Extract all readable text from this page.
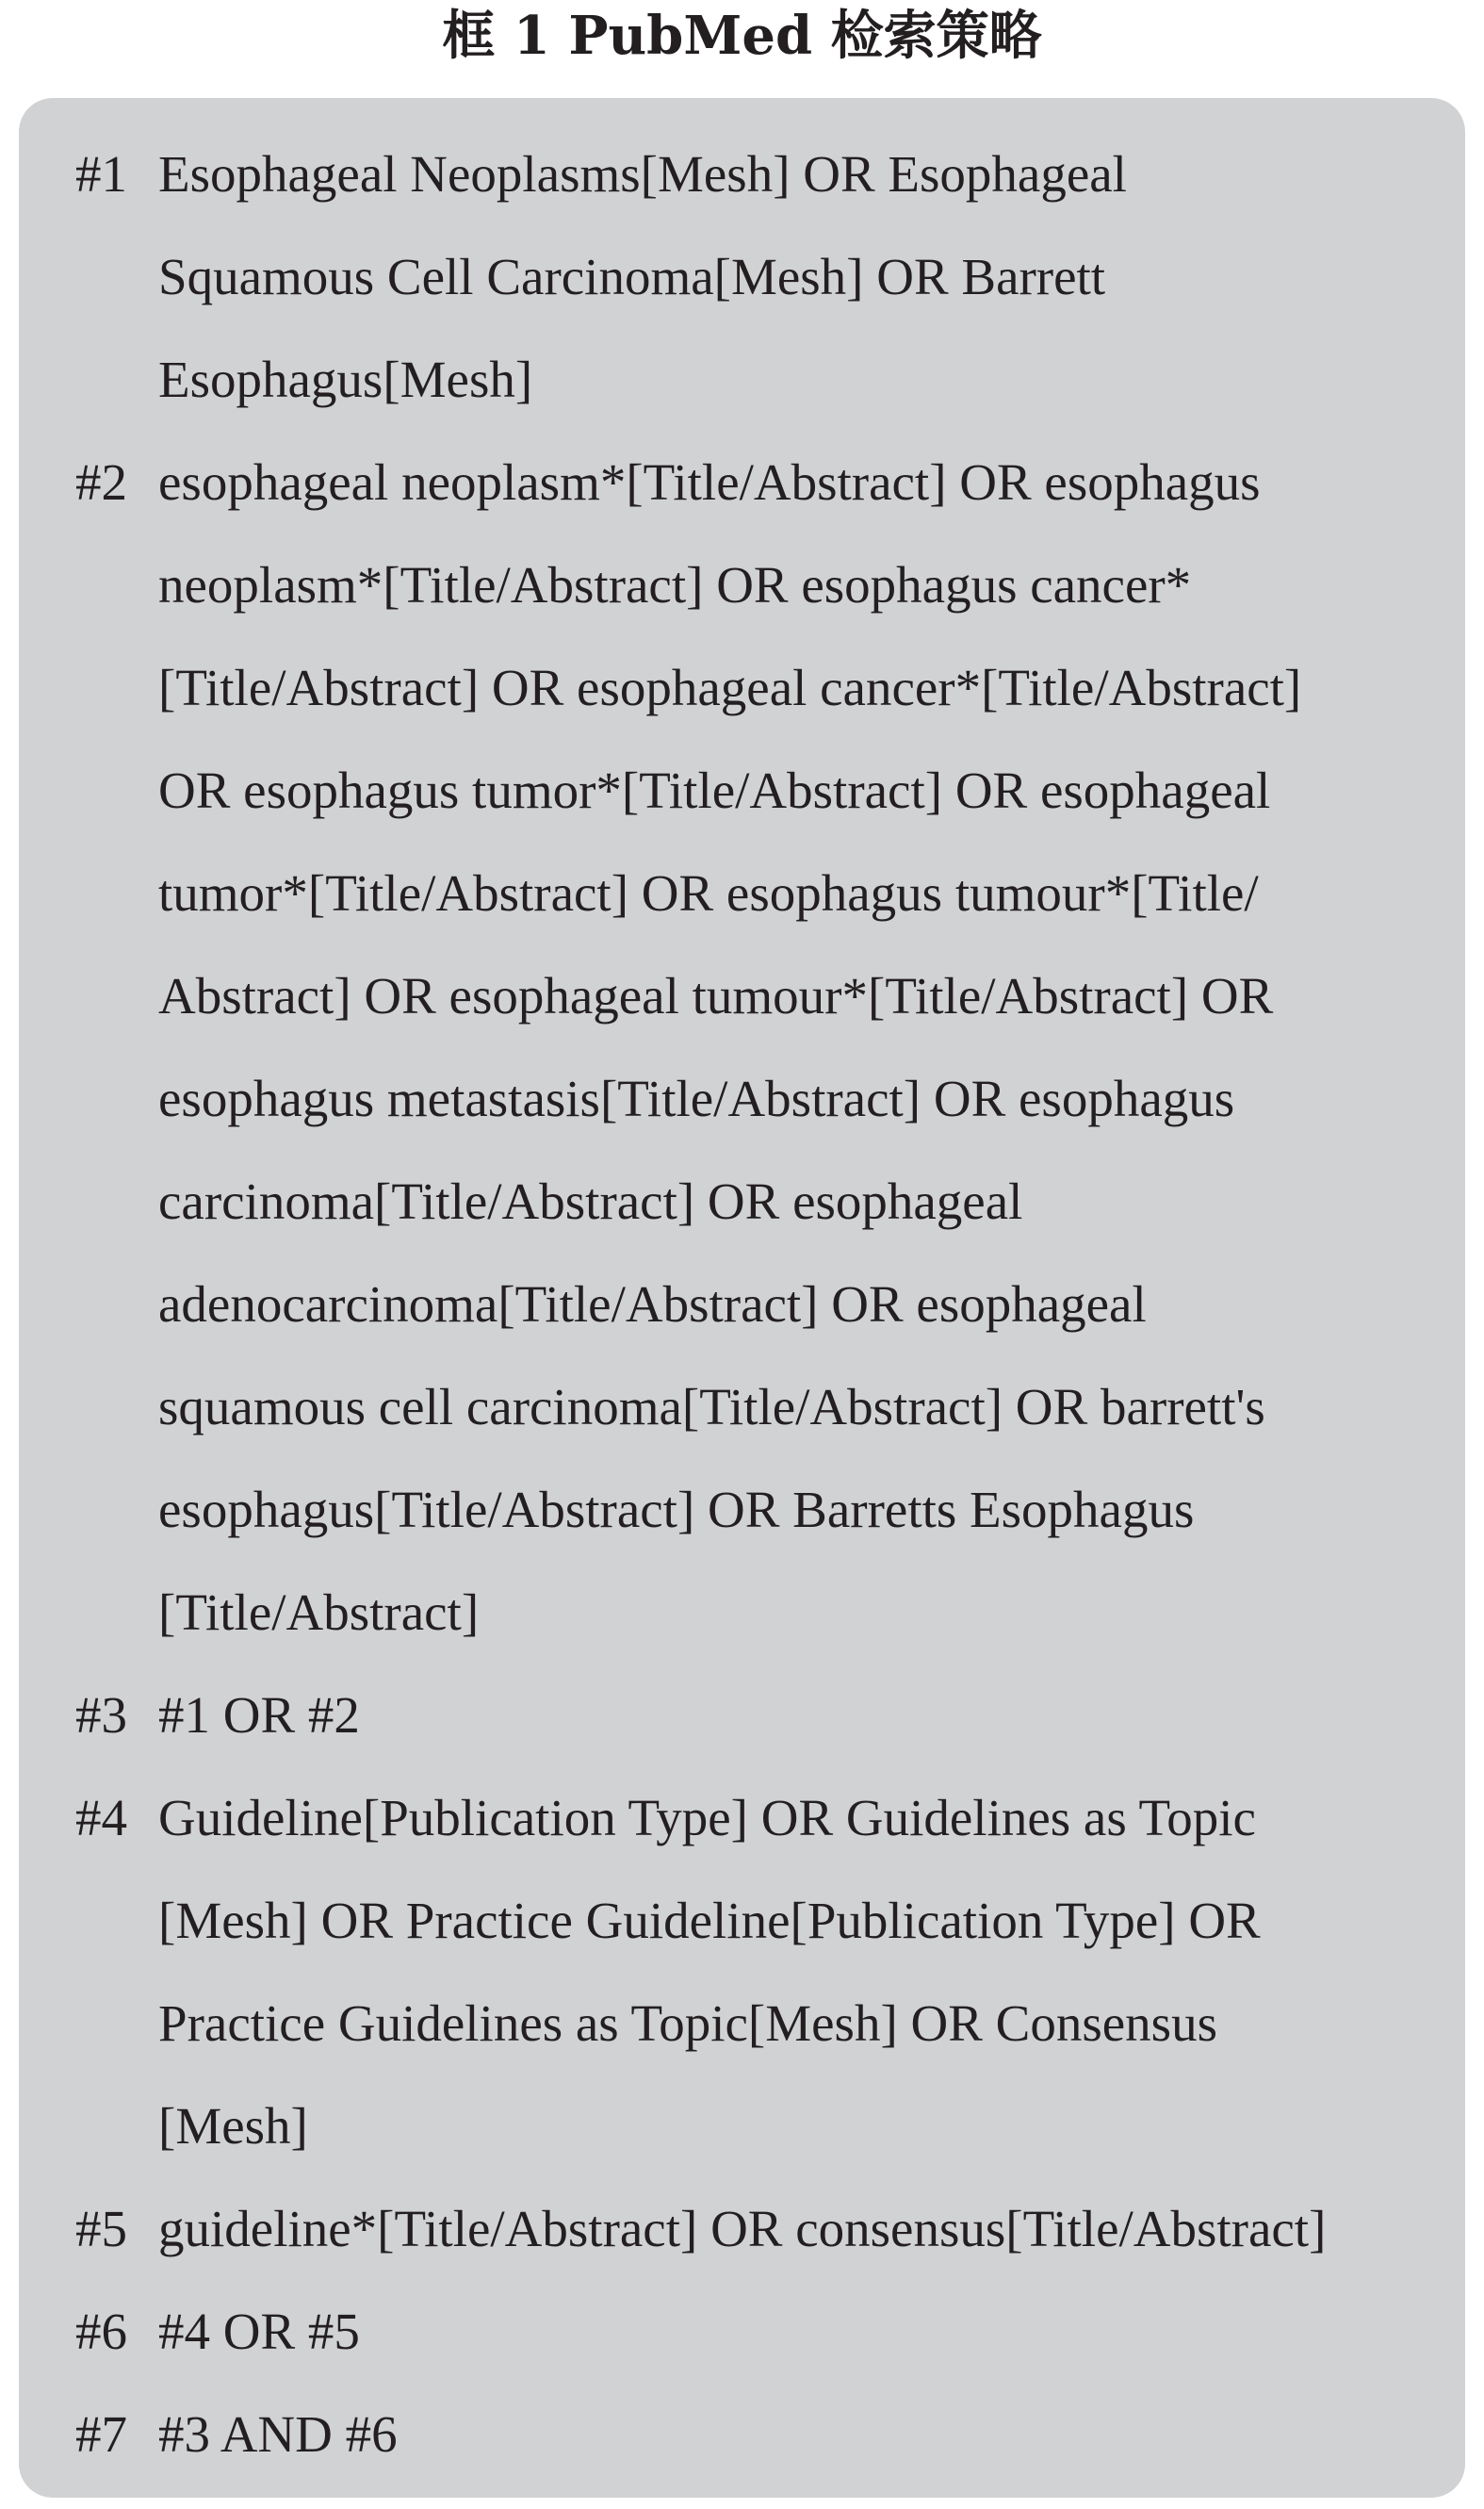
框 1 PubMed 检索策略
#1 Esophageal Neoplasms[Mesh] OR Esophageal
Squamous Cell Carcinoma[Mesh] OR Barrett
Esophagus[Mesh]
#2 esophageal neoplasm*[Title/Abstract] OR esophagus
neoplasm*[Title/Abstract] OR esophagus cancer*
[Title/Abstract] OR esophageal cancer*[Title/Abstract]
OR esophagus tumor*[Title/Abstract] OR esophageal
tumor*[Title/Abstract] OR esophagus tumour*[Title/
Abstract] OR esophageal tumour*[Title/Abstract] OR
esophagus metastasis[Title/Abstract] OR esophagus
carcinoma[Title/Abstract] OR esophageal
adenocarcinoma[Title/Abstract] OR esophageal
squamous cell carcinoma[Title/Abstract] OR barrett's
esophagus[Title/Abstract] OR Barretts Esophagus
[Title/Abstract]
#3 #1 OR #2
#4 Guideline[Publication Type] OR Guidelines as Topic
[Mesh] OR Practice Guideline[Publication Type] OR
Practice Guidelines as Topic[Mesh] OR Consensus
[Mesh]
#5 guideline*[Title/Abstract] OR consensus[Title/Abstract]
#6 #4 OR #5
#7 #3 AND #6
